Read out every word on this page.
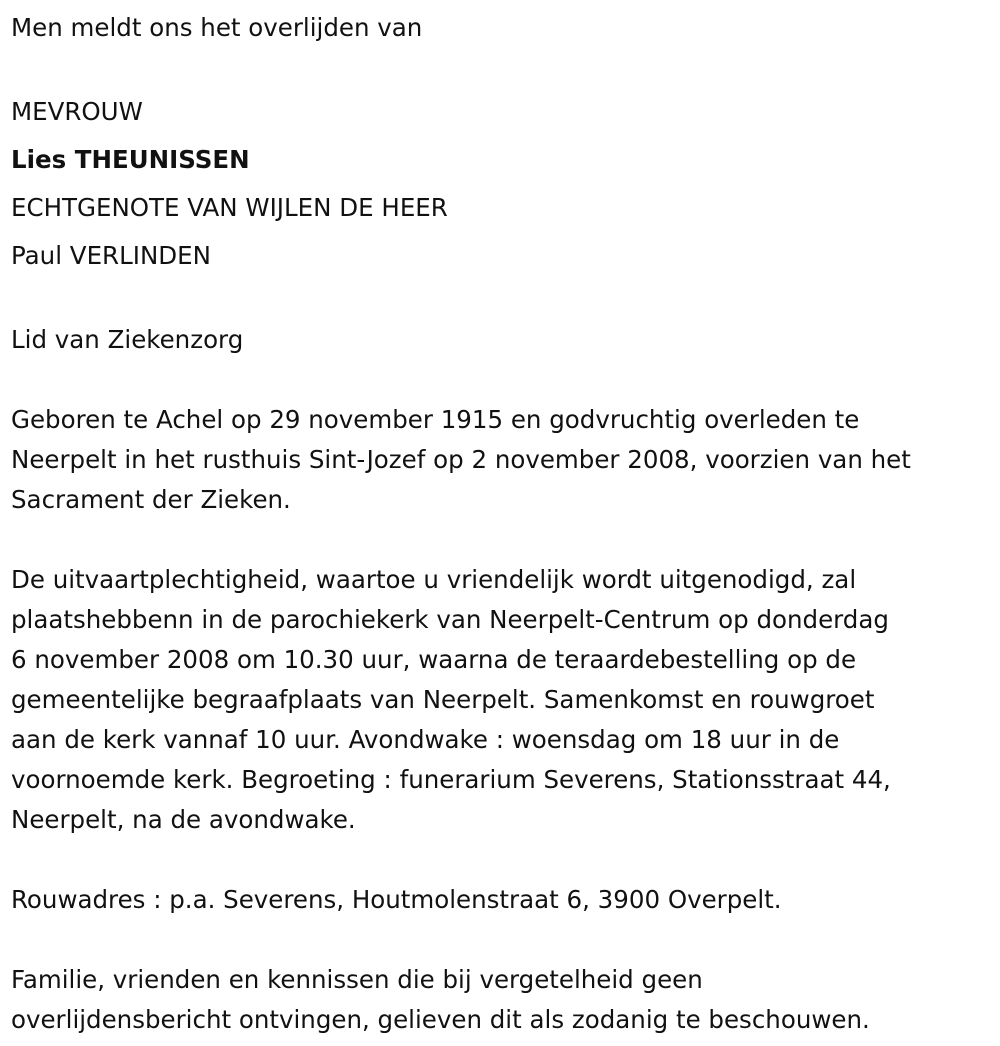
Men meldt ons het overlijden van
MEVROUW
Lies THEUNISSEN
ECHTGENOTE VAN WIJLEN DE HEER
Paul VERLINDEN
Lid van Ziekenzorg
Geboren te Achel op 29 november 1915 en godvruchtig overleden te
Neerpelt in het rusthuis Sint-Jozef op 2 november 2008, voorzien van het
Sacrament der Zieken.
De uitvaartplechtigheid, waartoe u vriendelijk wordt uitgenodigd, zal
plaatshebbenn in de parochiekerk van Neerpelt-Centrum op donderdag
6 november 2008 om 10.30 uur, waarna de teraardebestelling op de
gemeentelijke begraafplaats van Neerpelt. Samenkomst en rouwgroet
aan de kerk vannaf 10 uur. Avondwake : woensdag om 18 uur in de
voornoemde kerk. Begroeting : funerarium Severens, Stationsstraat 44,
Neerpelt, na de avondwake.
Rouwadres : p.a. Severens, Houtmolenstraat 6, 3900 Overpelt.
Familie, vrienden en kennissen die bij vergetelheid geen
overlijdensbericht ontvingen, gelieven dit als zodanig te beschouwen.
